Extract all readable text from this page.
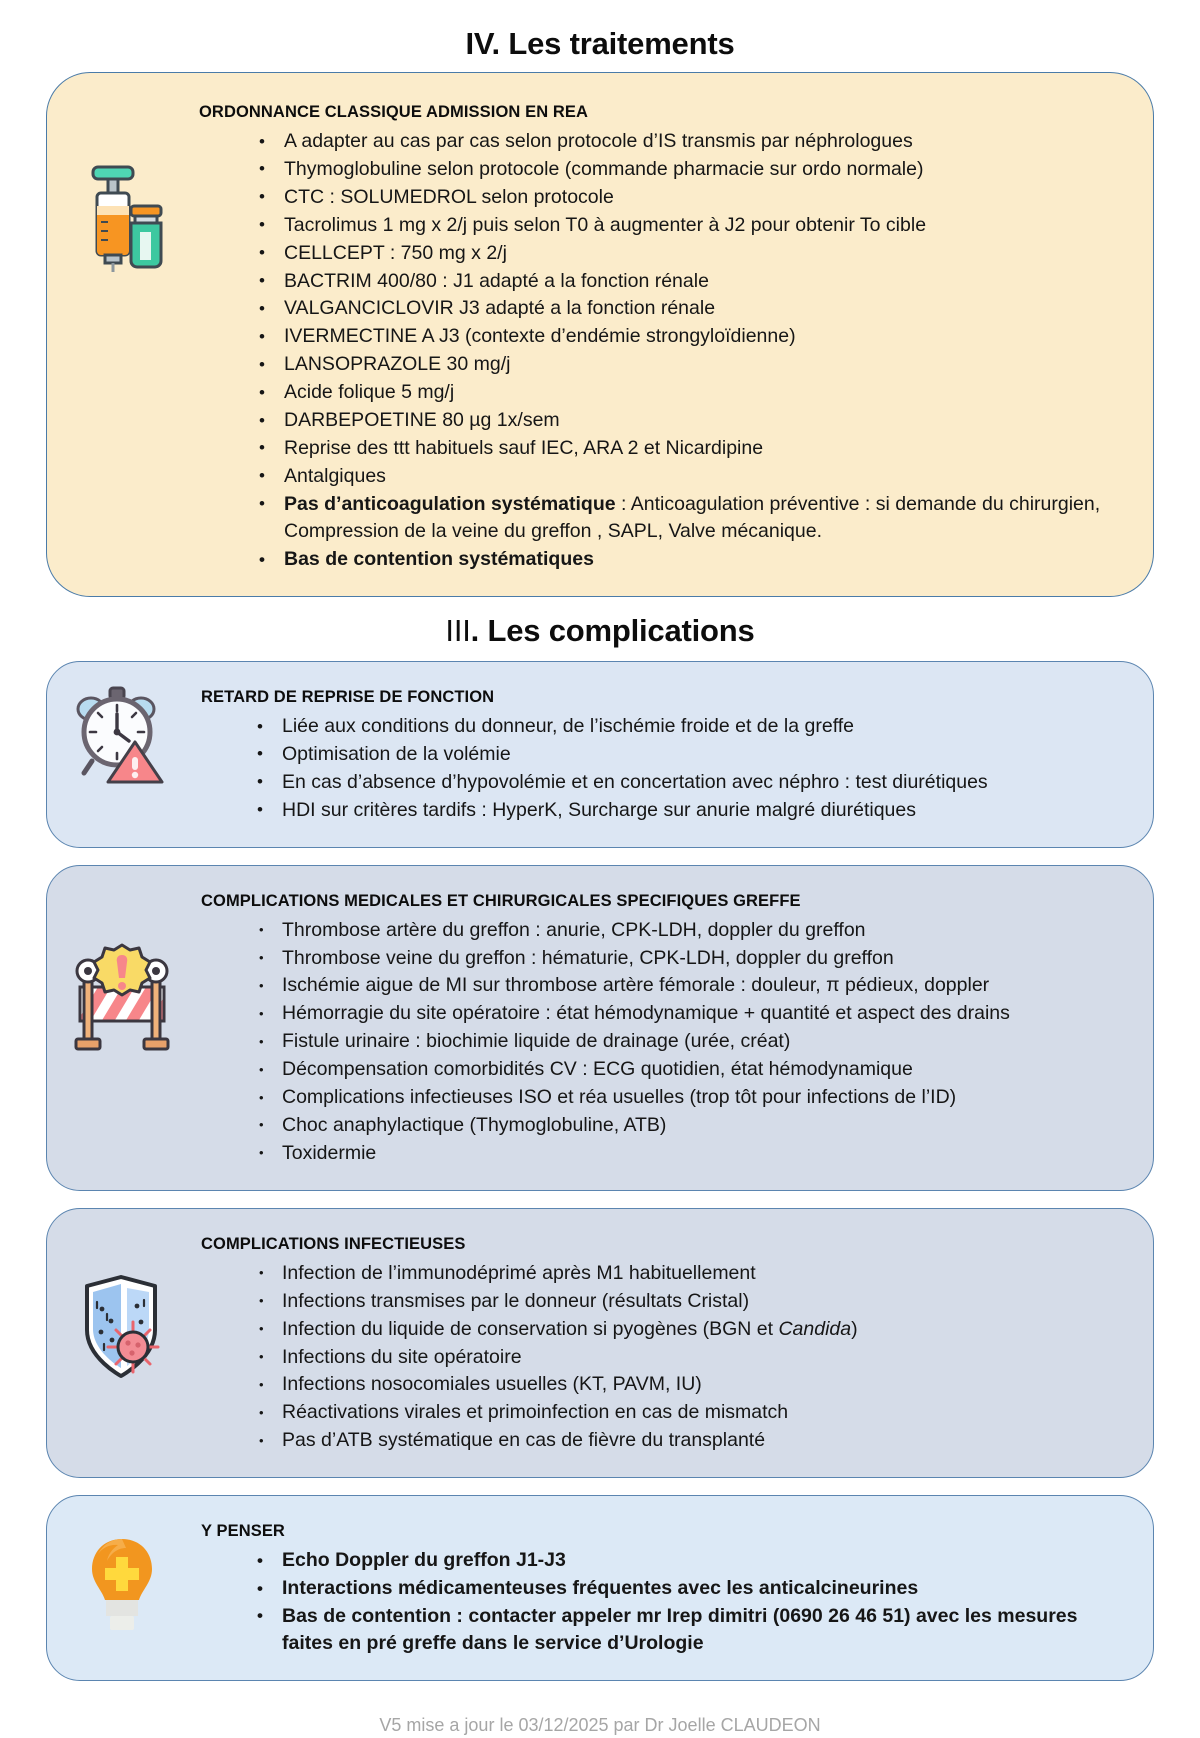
IV. Les traitements
ORDONNANCE CLASSIQUE ADMISSION EN REA
• A adapter au cas par cas selon protocole d’IS transmis par néphrologues
• Thymoglobuline selon protocole (commande pharmacie sur ordo normale)
• CTC : SOLUMEDROL selon protocole
• Tacrolimus 1 mg x 2/j puis selon T0 à augmenter à J2 pour obtenir To cible
• CELLCEPT : 750 mg x 2/j
• BACTRIM 400/80 : J1 adapté a la fonction rénale
• VALGANCICLOVIR J3 adapté a la fonction rénale
• IVERMECTINE A J3 (contexte d’endémie strongyloïdienne)
• LANSOPRAZOLE 30 mg/j
• Acide folique 5 mg/j
• DARBEPOETINE 80 µg 1x/sem
• Reprise des ttt habituels sauf IEC, ARA 2 et Nicardipine
• Antalgiques
• Pas d’anticoagulation systématique : Anticoagulation préventive : si demande du chirurgien, Compression de la veine du greffon , SAPL, Valve mécanique.
• Bas de contention systématiques
III. Les complications
RETARD DE REPRISE DE FONCTION
• Liée aux conditions du donneur, de l’ischémie froide et de la greffe
• Optimisation de la volémie
• En cas d’absence d’hypovolémie et en concertation avec néphro : test diurétiques
• HDI sur critères tardifs : HyperK, Surcharge sur anurie malgré diurétiques
COMPLICATIONS MEDICALES ET CHIRURGICALES SPECIFIQUES GREFFE
• Thrombose artère du greffon : anurie, CPK-LDH, doppler du greffon
• Thrombose veine du greffon : hématurie, CPK-LDH, doppler du greffon
• Ischémie aigue de MI sur thrombose artère fémorale : douleur, π pédieux, doppler
• Hémorragie du site opératoire : état hémodynamique + quantité et aspect des drains
• Fistule urinaire : biochimie liquide de drainage (urée, créat)
• Décompensation comorbidités CV : ECG quotidien, état hémodynamique
• Complications infectieuses ISO et réa usuelles (trop tôt pour infections de l’ID)
• Choc anaphylactique (Thymoglobuline, ATB)
• Toxidermie
COMPLICATIONS INFECTIEUSES
• Infection de l’immunodéprimé après M1 habituellement
• Infections transmises par le donneur (résultats Cristal)
• Infection du liquide de conservation si pyogènes (BGN et Candida)
• Infections du site opératoire
• Infections nosocomiales usuelles (KT, PAVM, IU)
• Réactivations virales et primoinfection en cas de mismatch
• Pas d’ATB systématique en cas de fièvre du transplanté
Y PENSER
• Echo Doppler du greffon J1-J3
• Interactions médicamenteuses fréquentes avec les anticalcineurines
• Bas de contention : contacter appeler mr Irep dimitri (0690 26 46 51) avec les mesures faites en pré greffe dans le service d’Urologie
V5 mise a jour le 03/12/2025 par Dr Joelle CLAUDEON
